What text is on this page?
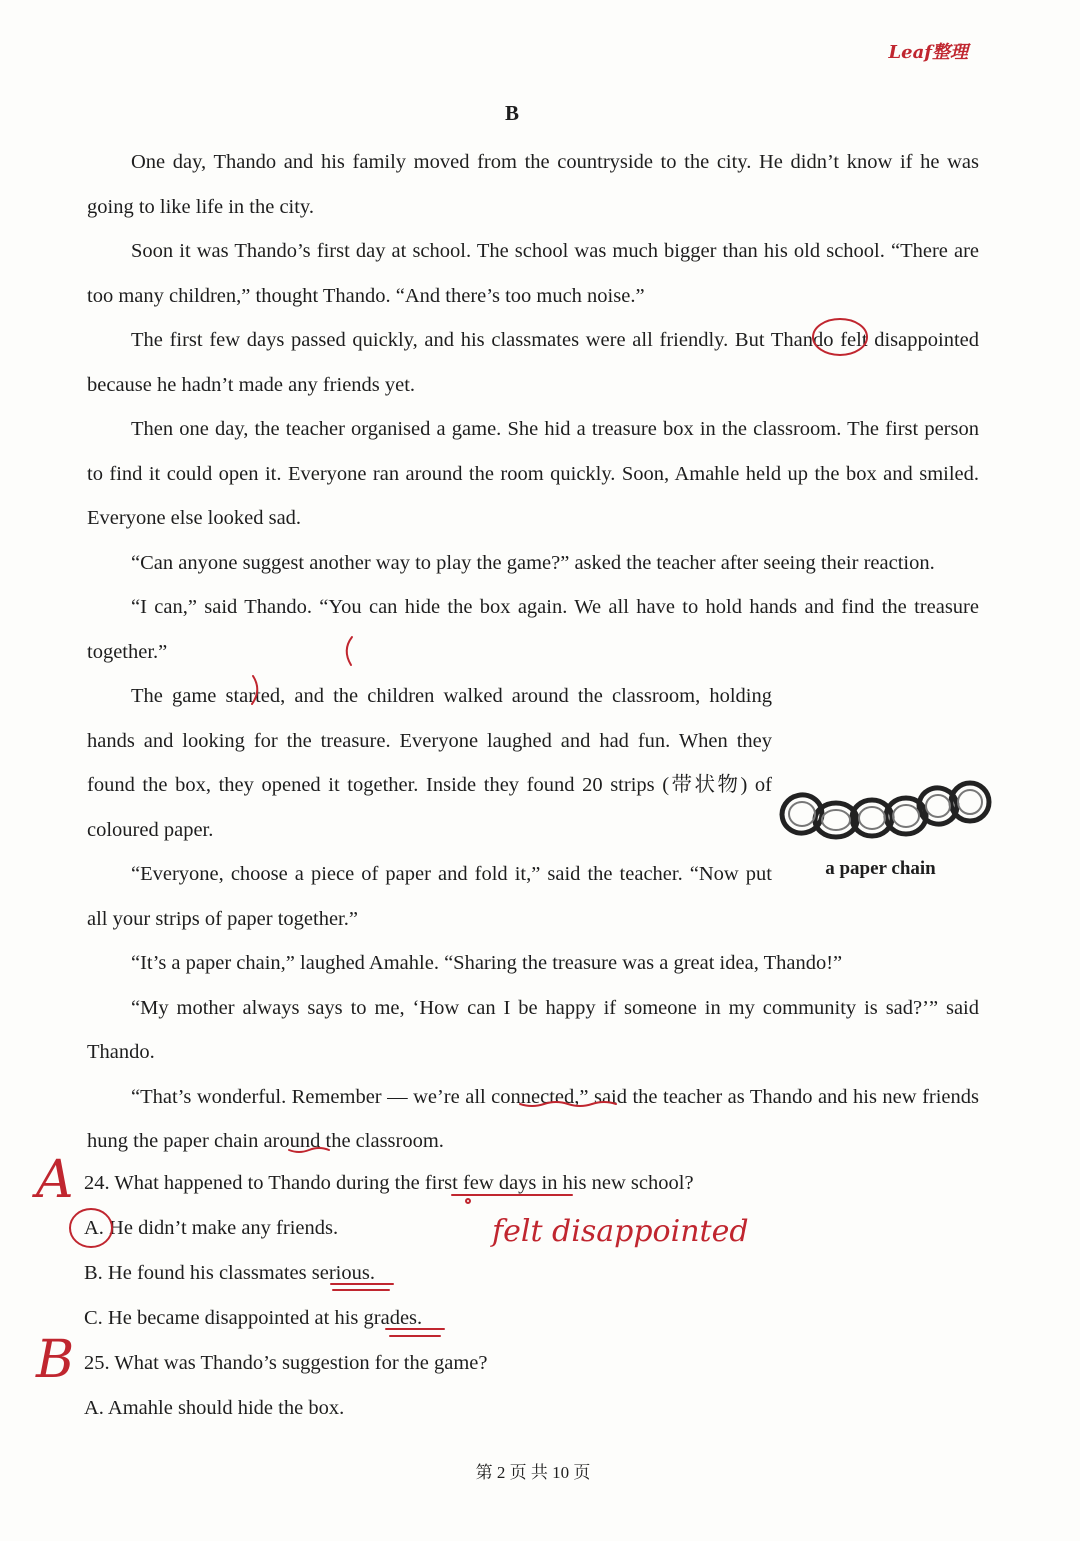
Leaf整理
B

One day, Thando and his family moved from the countryside to the city. He didn’t know if he was going to like life in the city.

Soon it was Thando’s first day at school. The school was much bigger than his old school. “There are too many children,” thought Thando. “And there’s too much noise.”

The first few days passed quickly, and his classmates were all friendly. But Thando felt disappointed because he hadn’t made any friends yet.

Then one day, the teacher organised a game. She hid a treasure box in the classroom. The first person to find it could open it. Everyone ran around the room quickly. Soon, Amahle held up the box and smiled. Everyone else looked sad.

“Can anyone suggest another way to play the game?” asked the teacher after seeing their reaction.

“I can,” said Thando. “You can hide the box again. We all have to hold hands and find the treasure together.”

The game started, and the children walked around the classroom, holding hands and looking for the treasure. Everyone laughed and had fun. When they found the box, they opened it together. Inside they found 20 strips (带状物) of coloured paper.

“Everyone, choose a piece of paper and fold it,” said the teacher. “Now put all your strips of paper together.”

“It’s a paper chain,” laughed Amahle. “Sharing the treasure was a great idea, Thando!”

“My mother always says to me, ‘How can I be happy if someone in my community is sad?’” said Thando.

“That’s wonderful. Remember — we’re all connected,” said the teacher as Thando and his new friends hung the paper chain around the classroom.

a paper chain

24. What happened to Thando during the first few days in his new school?

A. He didn’t make any friends.

B. He found his classmates serious.

C. He became disappointed at his grades.

25. What was Thando’s suggestion for the game?

A. Amahle should hide the box.

A
B
felt disappointed
第 2 页 共 10 页
